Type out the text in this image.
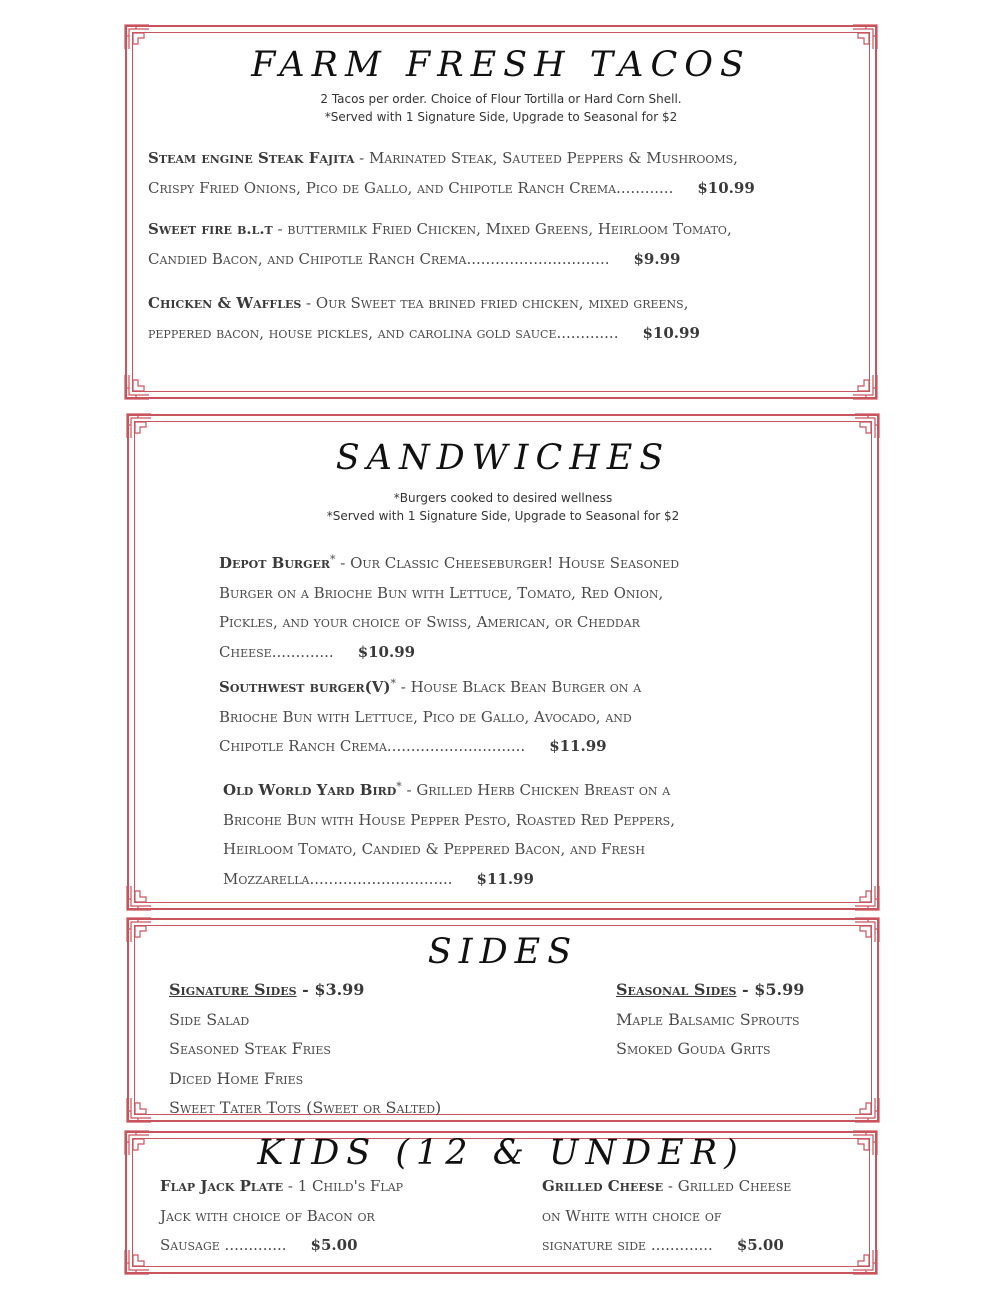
FARM FRESH TACOS
2 Tacos per order. Choice of Flour Tortilla or Hard Corn Shell.
*Served with 1 Signature Side, Upgrade to Seasonal for $2
Steam engine Steak Fajita - Marinated Steak, Sauteed Peppers & Mushrooms,
Crispy Fried Onions, Pico de Gallo, and Chipotle Ranch Crema............ $10.99
Sweet fire b.l.t - buttermilk Fried Chicken, Mixed Greens, Heirloom Tomato,
Candied Bacon, and Chipotle Ranch Crema.............................. $9.99
Chicken & Waffles - Our Sweet tea brined fried chicken, mixed greens,
peppered bacon, house pickles, and carolina gold sauce............. $10.99
SANDWICHES
*Burgers cooked to desired wellness
*Served with 1 Signature Side, Upgrade to Seasonal for $2
Depot Burger* - Our Classic Cheeseburger! House Seasoned
Burger on a Brioche Bun with Lettuce, Tomato, Red Onion,
Pickles, and your choice of Swiss, American, or Cheddar
Cheese............. $10.99
Southwest burger(V)* - House Black Bean Burger on a
Brioche Bun with Lettuce, Pico de Gallo, Avocado, and
Chipotle Ranch Crema............................. $11.99
Old World Yard Bird* - Grilled Herb Chicken Breast on a
Bricohe Bun with House Pepper Pesto, Roasted Red Peppers,
Heirloom Tomato, Candied & Peppered Bacon, and Fresh
Mozzarella.............................. $11.99
SIDES
Signature Sides - $3.99
Side Salad
Seasoned Steak Fries
Diced Home Fries
Sweet Tater Tots (Sweet or Salted)
Seasonal Sides - $5.99
Maple Balsamic Sprouts
Smoked Gouda Grits
KIDS (12 & UNDER)
Flap Jack Plate - 1 Child's Flap
Jack with choice of Bacon or
Sausage ............. $5.00
Grilled Cheese - Grilled Cheese
on White with choice of
signature side ............. $5.00
